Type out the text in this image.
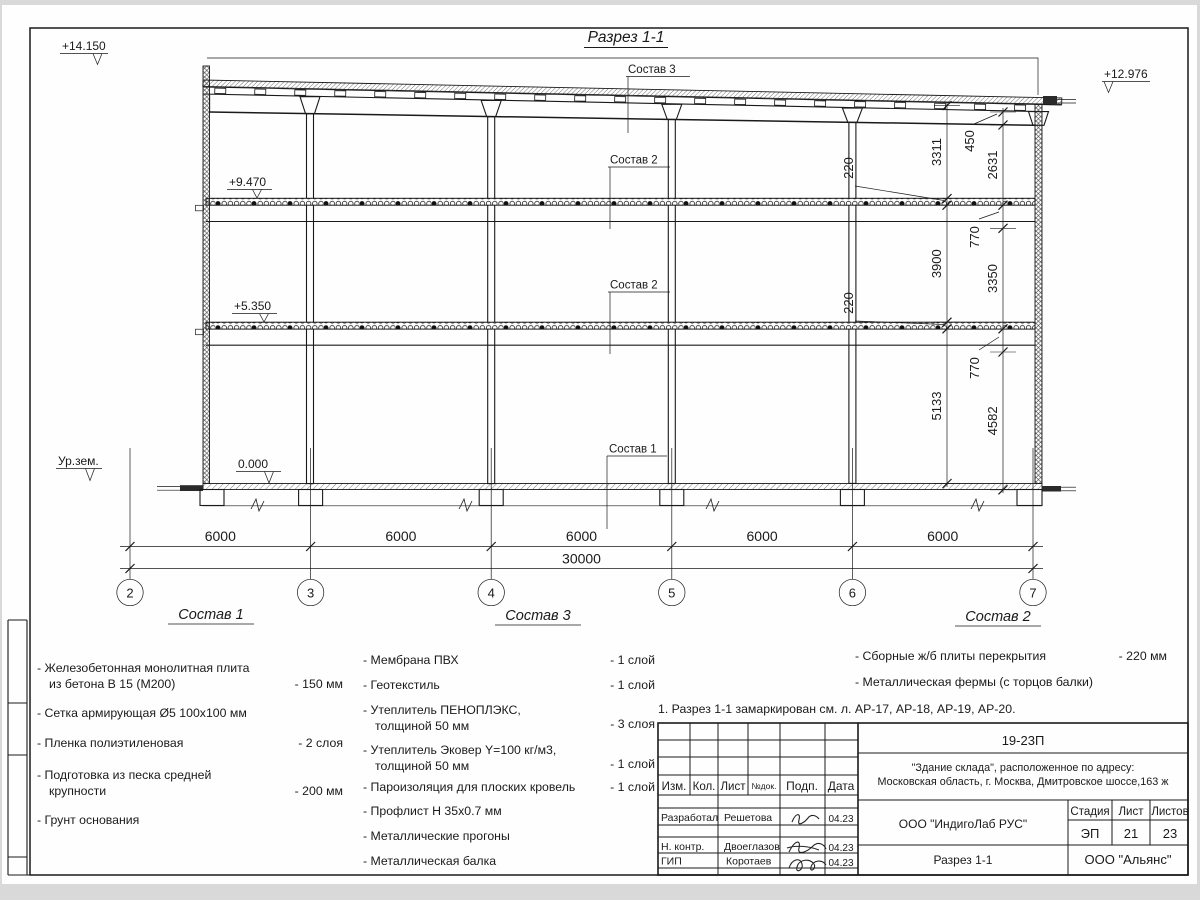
Разрез 1-1
3311
220
3900
220
5133
450
2631
770
3350
770
4582
+14.150
+12.976
+9.470
+5.350
0.000
Ур.зем.
Состав 3
Состав 2
Состав 2
Состав 1
6000	6000	6000	6000	6000
30000
2	3	4	5	6	7
Состав 1
- Железобетонная монолитная плита
из бетона В 15 (М200)	- 150 мм
- Сетка армирующая Ø5 100x100 мм
- Пленка полиэтиленовая	- 2 слоя
- Подготовка из песка средней
крупности	- 200 мм
- Грунт основания
Состав 3
- Мембрана ПВХ	- 1 слой
- Геотекстиль	- 1 слой
- Утеплитель ПЕНОПЛЭКС,
толщиной 50 мм	- 3 слоя
- Утеплитель Эковер Y=100 кг/м3,
толщиной 50 мм	- 1 слой
- Пароизоляция для плоских кровель	- 1 слой
- Профлист Н 35х0.7 мм
- Металлические прогоны
- Металлическая балка
Состав 2
- Сборные ж/б плиты перекрытия	- 220 мм
- Металлическая фермы (с торцов балки)
1. Разрез 1-1 замаркирован см. л. АР-17, АР-18, АР-19, АР-20.
Изм. Кол. Лист №док. Подп. Дата
Разработал Решетова	04.23
Н. контр. Двоеглазов	04.23
ГИП	Коротаев	04.23
19-23П
"Здание склада", расположенное по адресу:
Московская область, г. Москва, Дмитровское шоссе,163 ж
ООО "ИндигоЛаб РУС"
Стадия Лист Листов
ЭП 21 23
Разрез 1-1	ООО "Альянс"
